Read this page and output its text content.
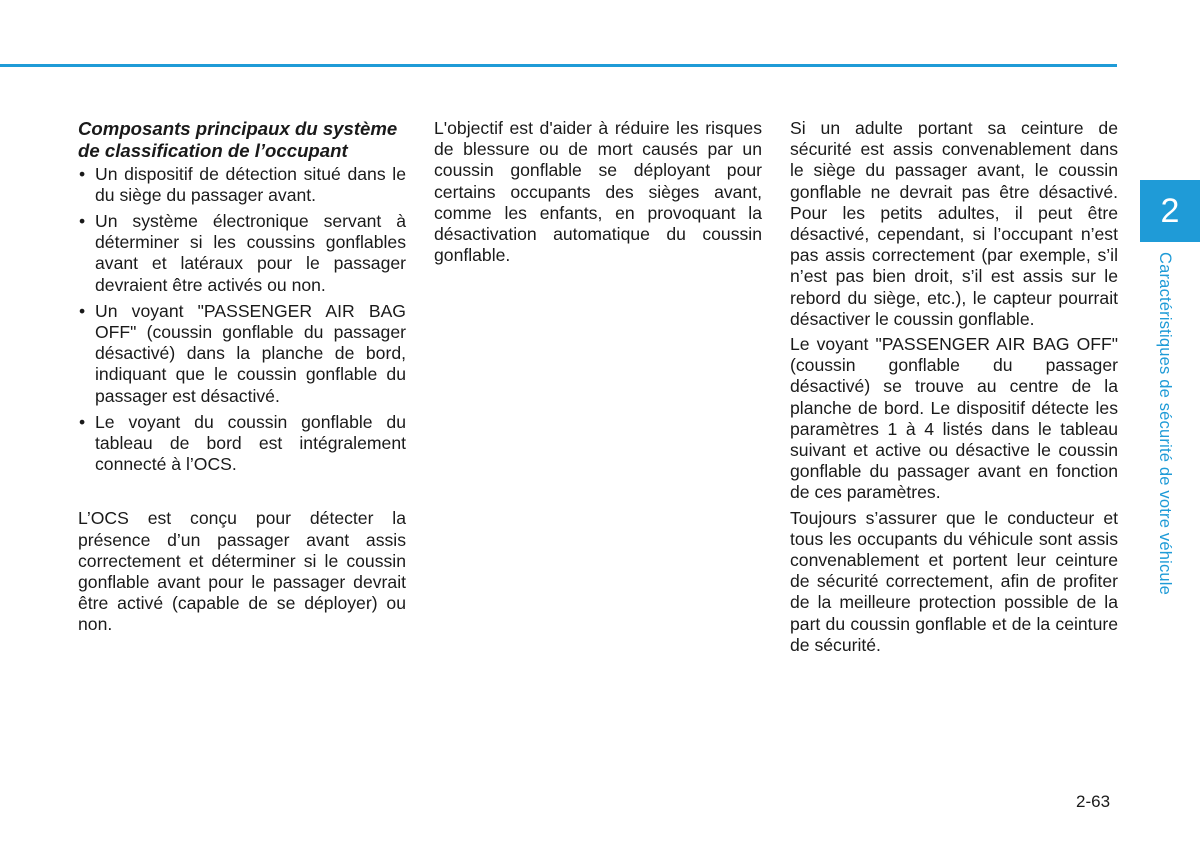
Composants principaux du système de classification de l’occupant
• Un dispositif de détection situé dans le du siège du passager avant.
• Un système électronique servant à déterminer si les coussins gonflables avant et latéraux pour le passager devraient être activés ou non.
• Un voyant "PASSENGER AIR BAG OFF" (coussin gonflable du passager désactivé) dans la planche de bord, indiquant que le coussin gonflable du passager est désactivé.
• Le voyant du coussin gonflable du tableau de bord est intégralement connecté à l’OCS.

L’OCS est conçu pour détecter la présence d’un passager avant assis correctement et déterminer si le coussin gonflable avant pour le passager devrait être activé (capable de se déployer) ou non.

L'objectif est d'aider à réduire les risques de blessure ou de mort causés par un coussin gonflable se déployant pour certains occupants des sièges avant, comme les enfants, en provoquant la désactivation automatique du coussin gonflable.

Si un adulte portant sa ceinture de sécurité est assis convenablement dans le siège du passager avant, le coussin gonflable ne devrait pas être désactivé. Pour les petits adultes, il peut être désactivé, cependant, si l’occupant n’est pas assis correctement (par exemple, s’il n’est pas bien droit, s’il est assis sur le rebord du siège, etc.), le capteur pourrait désactiver le coussin gonflable.

Le voyant "PASSENGER AIR BAG OFF" (coussin gonflable du passager désactivé) se trouve au centre de la planche de bord. Le dispositif détecte les paramètres 1 à 4 listés dans le tableau suivant et active ou désactive le coussin gonflable du passager avant en fonction de ces paramètres.

Toujours s’assurer que le conducteur et tous les occupants du véhicule sont assis convenablement et portent leur ceinture de sécurité correctement, afin de profiter de la meilleure protection possible de la part du coussin gonflable et de la ceinture de sécurité.

2
Caractéristiques de sécurité de votre véhicule
2-63
